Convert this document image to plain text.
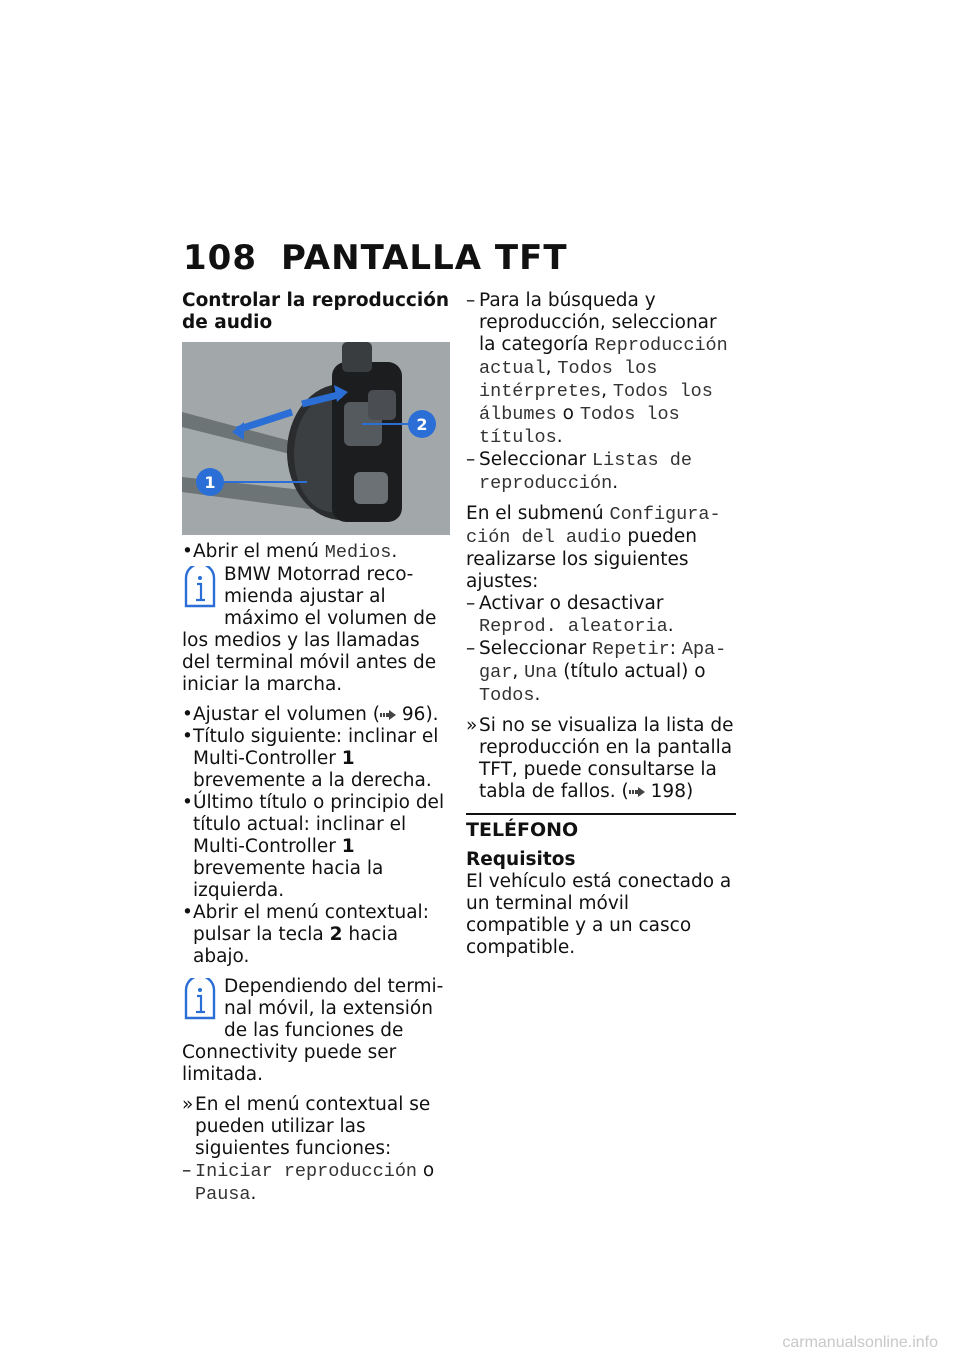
108 PANTALLA TFT

Controlar la reproducción de audio

1
2

• Abrir el menú Medios.

BMW Motorrad recomienda ajustar al máximo el volumen de los medios y las llamadas del terminal móvil antes de iniciar la marcha.

• Ajustar el volumen ( 96).

• Título siguiente: inclinar el Multi-Controller 1 brevemente a la derecha.

• Último título o principio del título actual: inclinar el Multi-Controller 1 brevemente hacia la izquierda.

• Abrir el menú contextual: pulsar la tecla 2 hacia abajo.

Dependiendo del terminal móvil, la extensión de las funciones de Connectivity puede ser limitada.

» En el menú contextual se pueden utilizar las siguientes funciones:

– Iniciar reproducción o Pausa.

– Para la búsqueda y reproducción, seleccionar la categoría Reproducción actual, Todos los intérpretes, Todos los álbumes o Todos los títulos.

– Seleccionar Listas de reproducción.

En el submenú Configuración del audio pueden realizarse los siguientes ajustes:

– Activar o desactivar Reprod. aleatoria.

– Seleccionar Repetir: Apagar, Una (título actual) o Todos.

» Si no se visualiza la lista de reproducción en la pantalla TFT, puede consultarse la tabla de fallos. ( 198)

TELÉFONO

Requisitos

El vehículo está conectado a un terminal móvil compatible y a un casco compatible.

carmanualsonline.info
